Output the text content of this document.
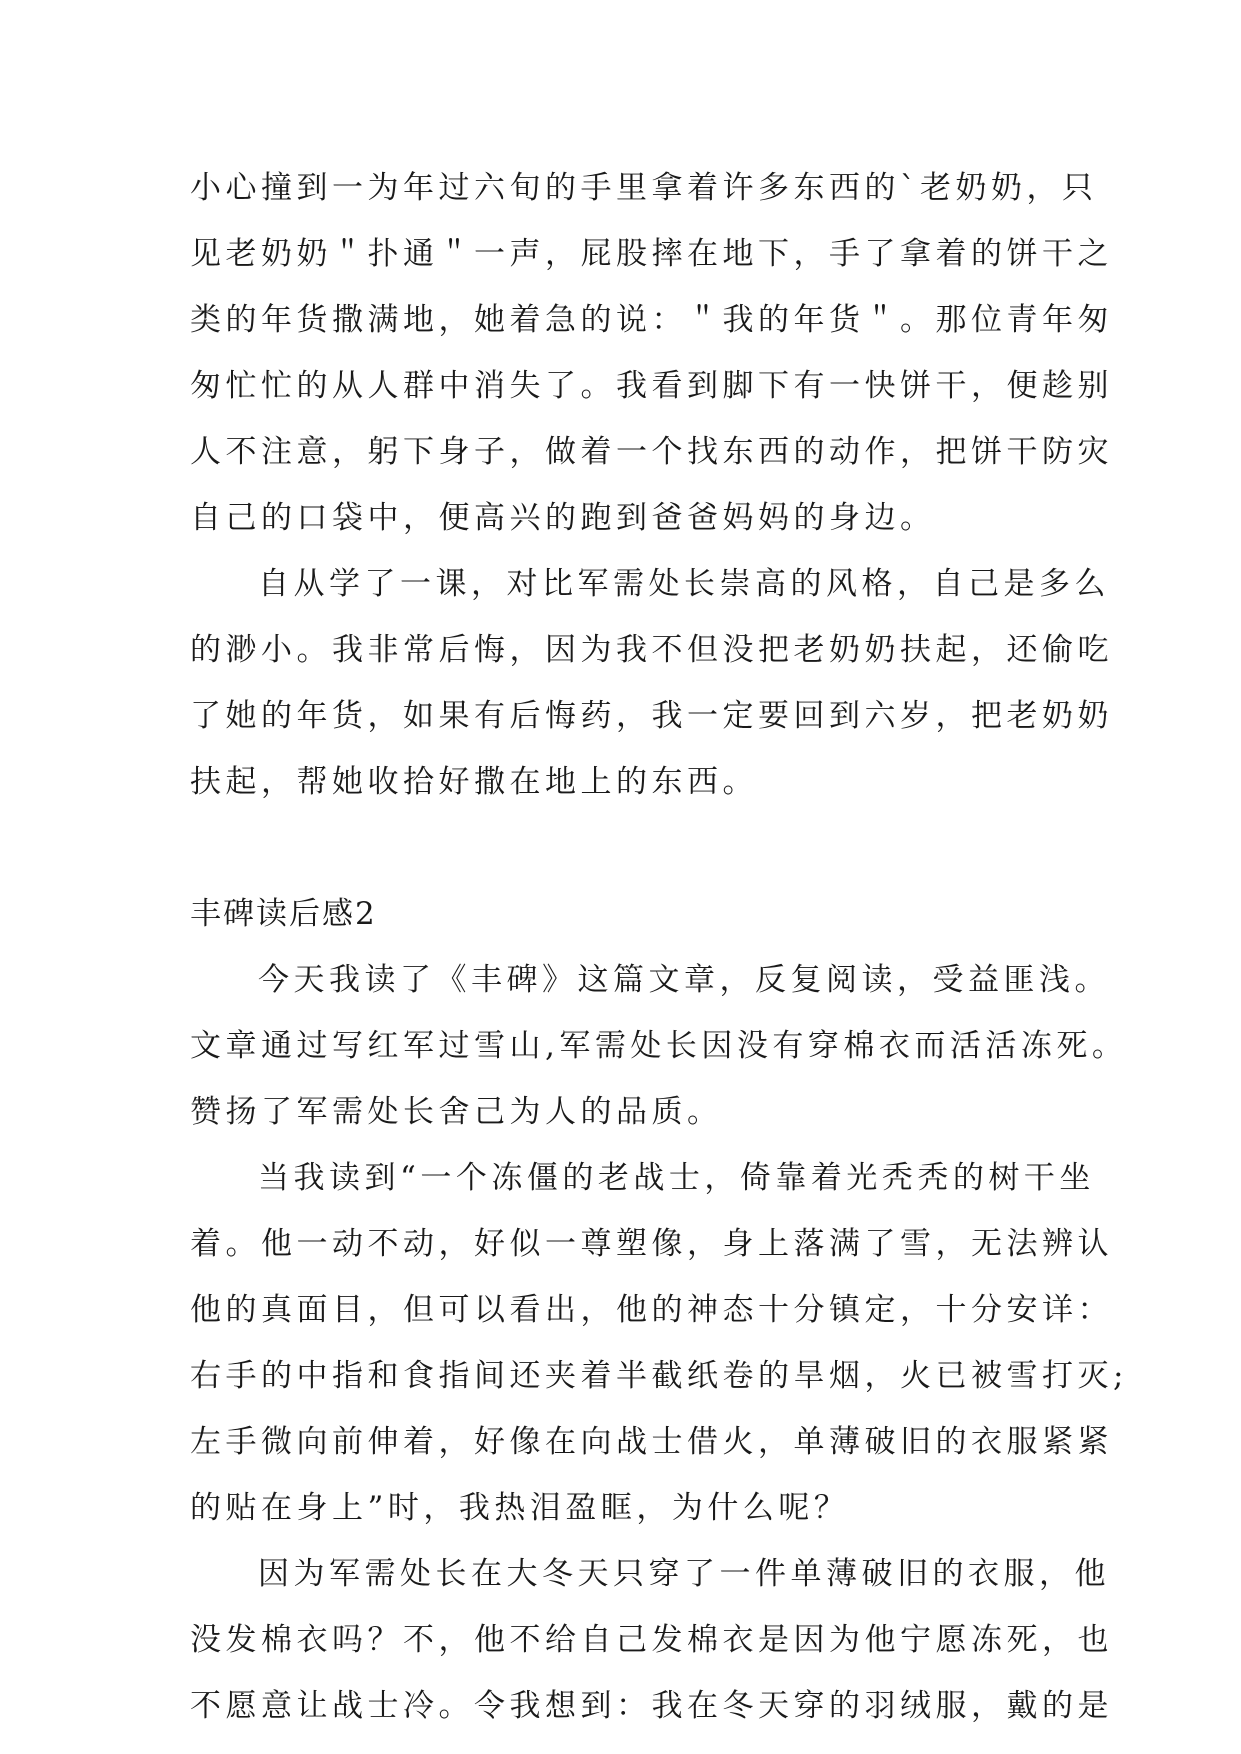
小心撞到一为年过六旬的手里拿着许多东西的`老奶奶，只
见老奶奶＂扑通＂一声，屁股摔在地下，手了拿着的饼干之
类的年货撒满地，她着急的说：＂我的年货＂。那位青年匆
匆忙忙的从人群中消失了。我看到脚下有一快饼干，便趁别
人不注意，躬下身子，做着一个找东西的动作，把饼干防灾
自己的口袋中，便高兴的跑到爸爸妈妈的身边。
自从学了一课，对比军需处长崇高的风格，自己是多么
的渺小。我非常后悔，因为我不但没把老奶奶扶起，还偷吃
了她的年货，如果有后悔药，我一定要回到六岁，把老奶奶
扶起，帮她收拾好撒在地上的东西。
丰碑读后感2
今天我读了《丰碑》这篇文章，反复阅读，受益匪浅。
文章通过写红军过雪山,军需处长因没有穿棉衣而活活冻死。
赞扬了军需处长舍己为人的品质。
当我读到“一个冻僵的老战士，倚靠着光秃秃的树干坐
着。他一动不动，好似一尊塑像，身上落满了雪，无法辨认
他的真面目，但可以看出，他的神态十分镇定，十分安详：
右手的中指和食指间还夹着半截纸卷的旱烟，火已被雪打灭;
左手微向前伸着，好像在向战士借火，单薄破旧的衣服紧紧
的贴在身上”时，我热泪盈眶，为什么呢？
因为军需处长在大冬天只穿了一件单薄破旧的衣服，他
没发棉衣吗？不，他不给自己发棉衣是因为他宁愿冻死，也
不愿意让战士冷。令我想到：我在冬天穿的羽绒服，戴的是
